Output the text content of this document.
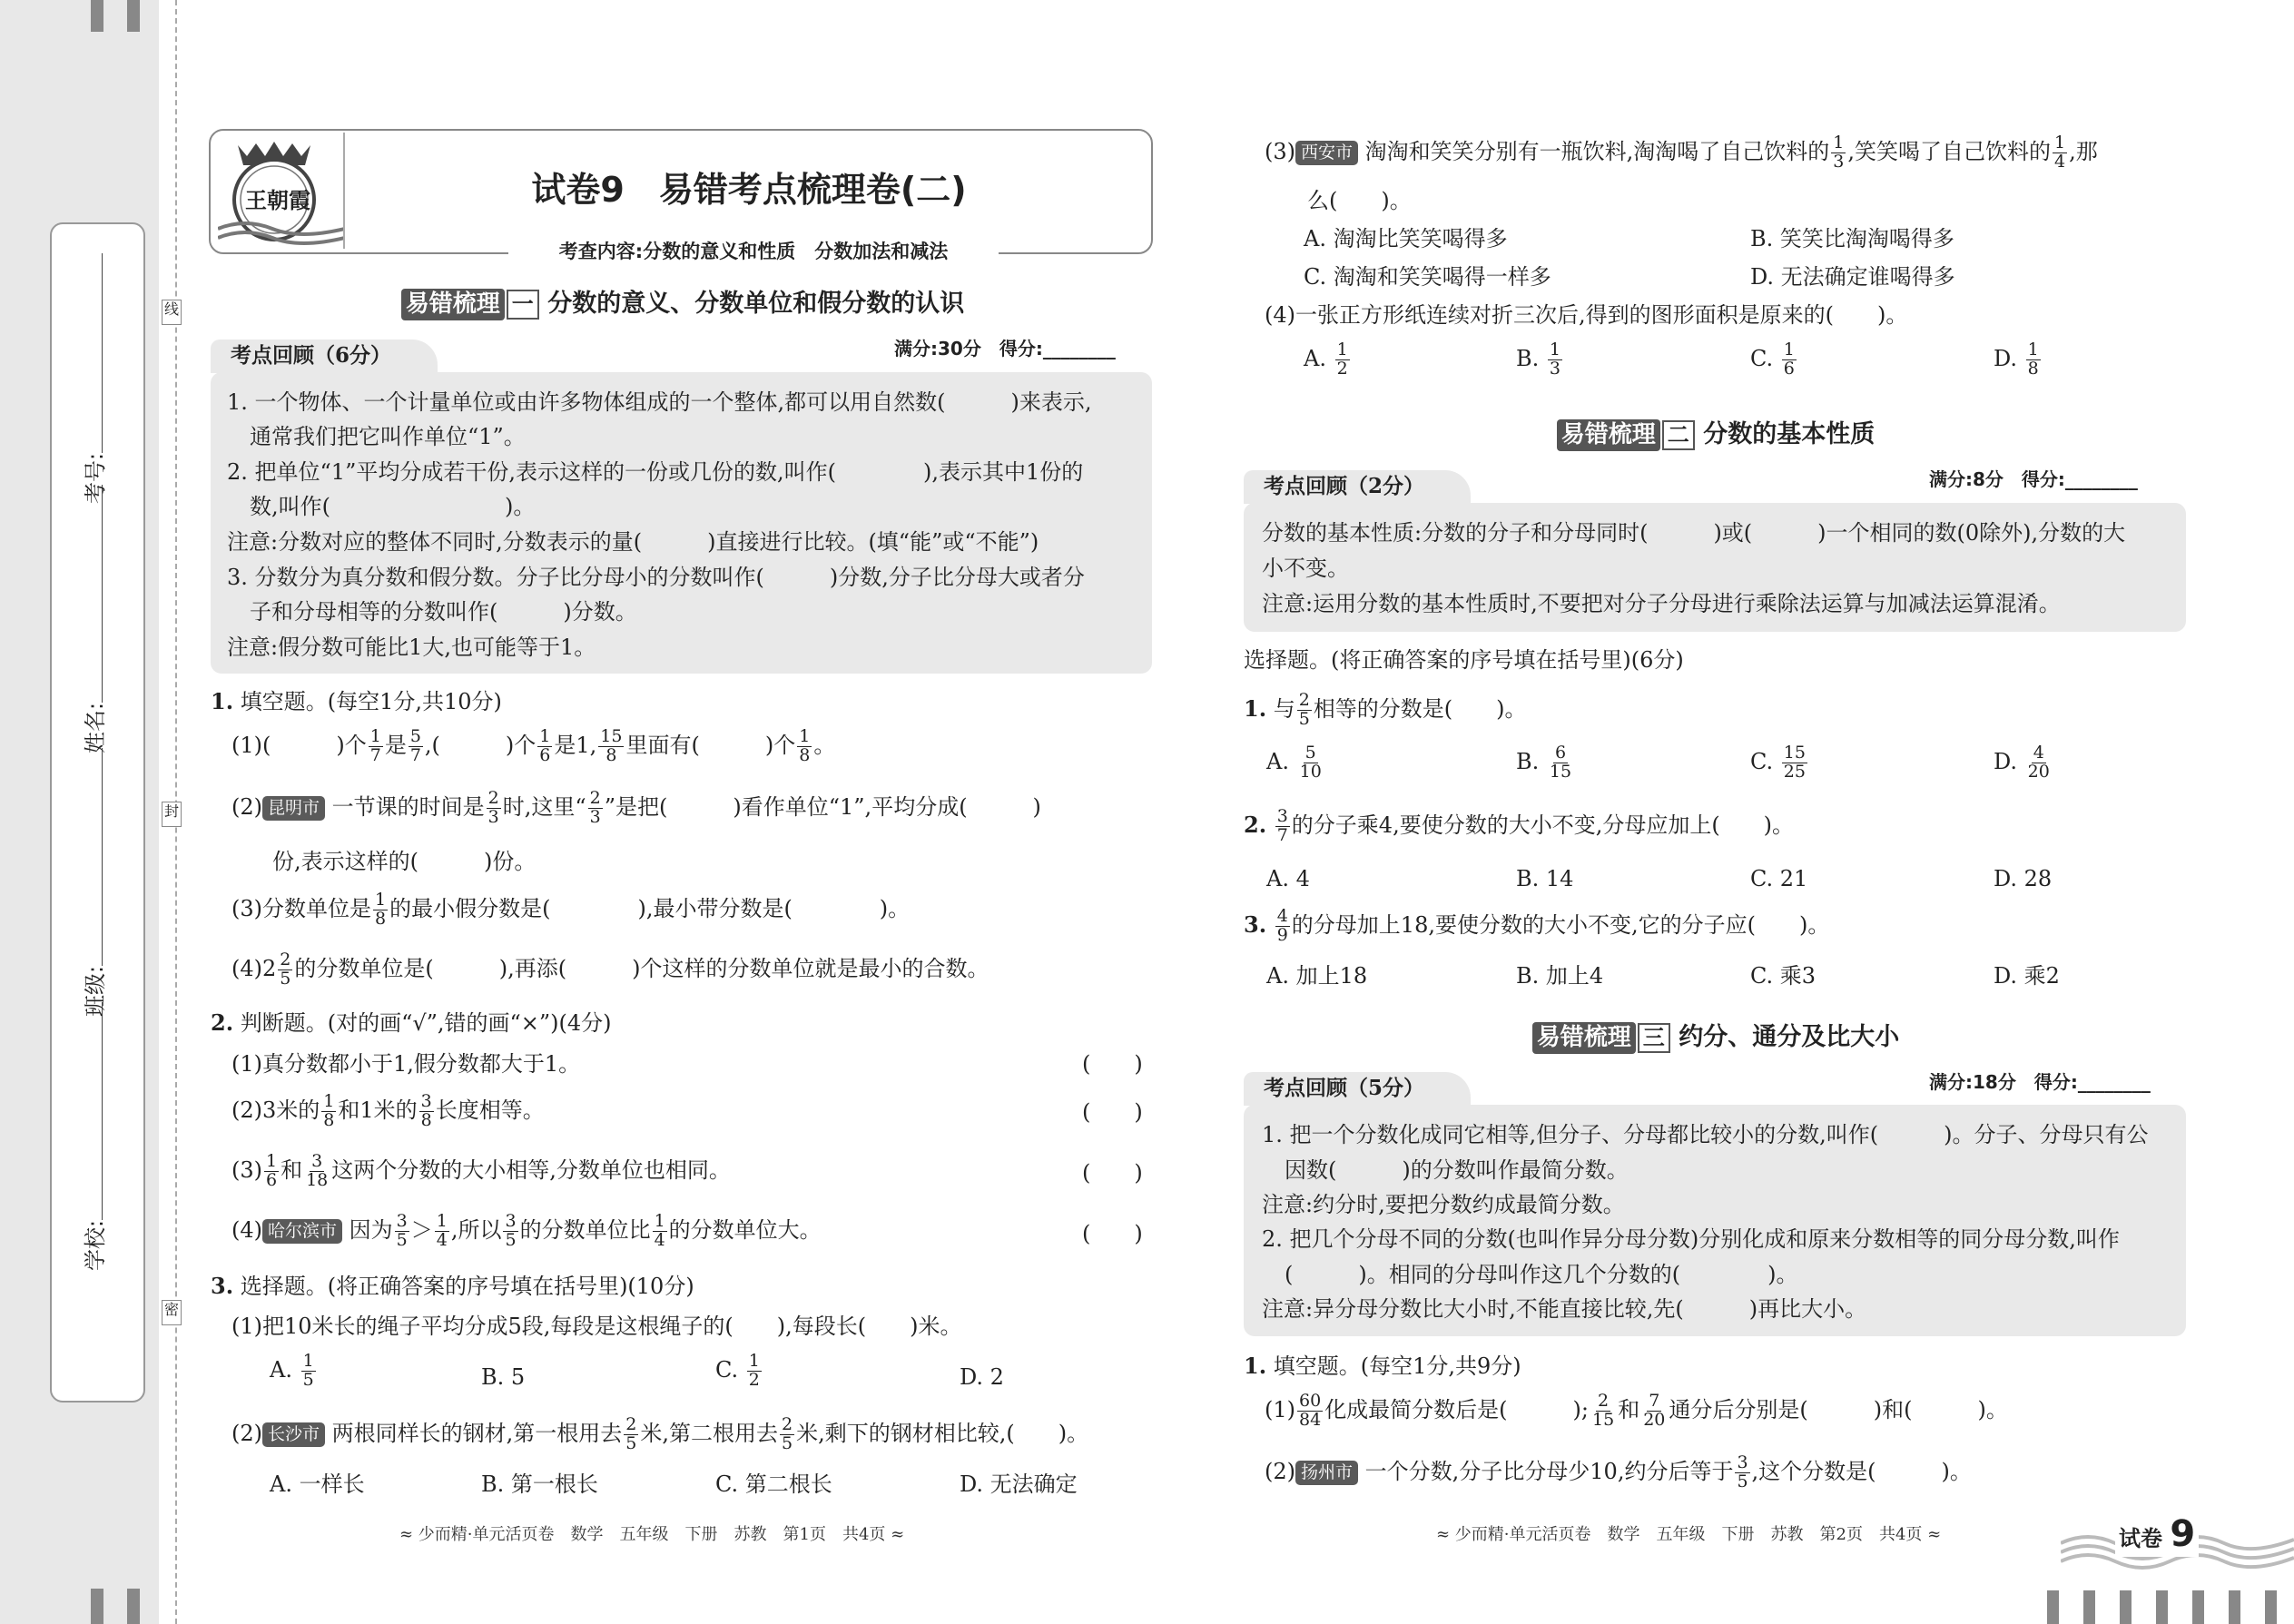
学校:
班级:
姓名:
考号:
线
封
密
王朝霞	试卷9　易错考点梳理卷(二)
考查内容:分数的意义和性质　分数加法和减法
易错梳理 一 分数的意义、分数单位和假分数的认识
考点回顾（6分）	满分:30分　得分:________
1. 一个物体、一个计量单位或由许多物体组成的一个整体,都可以用自然数(　　　)来表示,
通常我们把它叫作单位“1”。
2. 把单位“1”平均分成若干份,表示这样的一份或几份的数,叫作(　　　　),表示其中1份的
数,叫作(　　　　　　　　)。
注意:分数对应的整体不同时,分数表示的量(　　　)直接进行比较。(填“能”或“不能”)
3. 分数分为真分数和假分数。分子比分母小的分数叫作(　　　)分数,分子比分母大或者分
子和分母相等的分数叫作(　　　)分数。
注意:假分数可能比1大,也可能等于1。
1. 填空题。(每空1分,共10分)
(1)(　　　)个 $\frac{1}{7}$ 是 $\frac{5}{7}$ ,(　　　)个 $\frac{1}{6}$ 是1, $\frac{15}{8}$ 里面有(　　　)个 $\frac{1}{8}$ 。
(2) 昆明市 一节课的时间是 $\frac{2}{3}$ 时,这里“ $\frac{2}{3}$ ”是把(　　　)看作单位“1”,平均分成(　　　)
份,表示这样的(　　　)份。
(3)分数单位是 $\frac{1}{8}$ 的最小假分数是(　　　　),最小带分数是(　　　　)。
$(4)2 \frac{2}{5}$ 的分数单位是(　　　),再添(　　　)个这样的分数单位就是最小的合数。
2. 判断题。(对的画“√”,错的画“×”)(4分)
(1)真分数都小于1,假分数都大于1。	(　　)
(2)3米的 $\frac{1}{8}$ 和1米的 $\frac{3}{8}$ 长度相等。	(　　)
$(3) \frac{1}{6}$ 和 $\frac{3}{18}$ 这两个分数的大小相等,分数单位也相同。	(　　)
(4) 哈尔滨市 因为 $\frac{3}{5} > \frac{1}{4}$ ,所以 $\frac{3}{5}$ 的分数单位比 $\frac{1}{4}$ 的分数单位大。	(　　)
3. 选择题。(将正确答案的序号填在括号里)(10分)
(1)把10米长的绳子平均分成5段,每段是这根绳子的(　　),每段长(　　)米。
A. $\frac{1}{5}$	B. 5	C. $\frac{1}{2}$	D. 2
(2) 长沙市 两根同样长的钢材,第一根用去 $\frac{2}{5}$ 米,第二根用去 $\frac{2}{5}$ 米,剩下的钢材相比较,(　　)。
A. 一样长	B. 第一根长	C. 第二根长	D. 无法确定
≈ 少而精·单元活页卷　数学　五年级　下册　苏教　第1页　共4页 ≈
(3) 西安市 淘淘和笑笑分别有一瓶饮料,淘淘喝了自己饮料的 $\frac{1}{3}$ ,笑笑喝了自己饮料的 $\frac{1}{4}$ ,那
么(　　)。
A. 淘淘比笑笑喝得多	B. 笑笑比淘淘喝得多
C. 淘淘和笑笑喝得一样多	D. 无法确定谁喝得多
(4)一张正方形纸连续对折三次后,得到的图形面积是原来的(　　)。
A. $\frac{1}{2}$	B. $\frac{1}{3}$	C. $\frac{1}{6}$	D. $\frac{1}{8}$
易错梳理 二 分数的基本性质
考点回顾（2分）	满分:8分　得分:________
分数的基本性质:分数的分子和分母同时(　　　)或(　　　)一个相同的数(0除外),分数的大
小不变。
注意:运用分数的基本性质时,不要把对分子分母进行乘除法运算与加减法运算混淆。
选择题。(将正确答案的序号填在括号里)(6分)
1. 与 $\frac{2}{5}$ 相等的分数是(　　)。
A. $\frac{5}{10}$	B. $\frac{6}{15}$	C. $\frac{15}{25}$	D. $\frac{4}{20}$
2. $\frac{3}{7}$ 的分子乘4,要使分数的大小不变,分母应加上(　　)。
A. 4	B. 14	C. 21	D. 28
3. $\frac{4}{9}$ 的分母加上18,要使分数的大小不变,它的分子应(　　)。
A. 加上18	B. 加上4	C. 乘3	D. 乘2
易错梳理 三 约分、通分及比大小
考点回顾（5分）	满分:18分　得分:________
1. 把一个分数化成同它相等,但分子、分母都比较小的分数,叫作(　　　)。分子、分母只有公
因数(　　　)的分数叫作最简分数。
注意:约分时,要把分数约成最简分数。
2. 把几个分母不同的分数(也叫作异分母分数)分别化成和原来分数相等的同分母分数,叫作
(　　　)。相同的分母叫作这几个分数的(　　　　)。
注意:异分母分数比大小时,不能直接比较,先(　　　)再比大小。
1. 填空题。(每空1分,共9分)
$(1) \frac{60}{84}$ 化成最简分数后是(　　　); $\frac{2}{15}$ 和 $\frac{7}{20}$ 通分后分别是(　　　)和(　　　)。
(2) 扬州市 一个分数,分子比分母少10,约分后等于 $\frac{3}{5}$ ,这个分数是(　　　)。
≈ 少而精·单元活页卷　数学　五年级　下册　苏教　第2页　共4页 ≈	试卷 9
